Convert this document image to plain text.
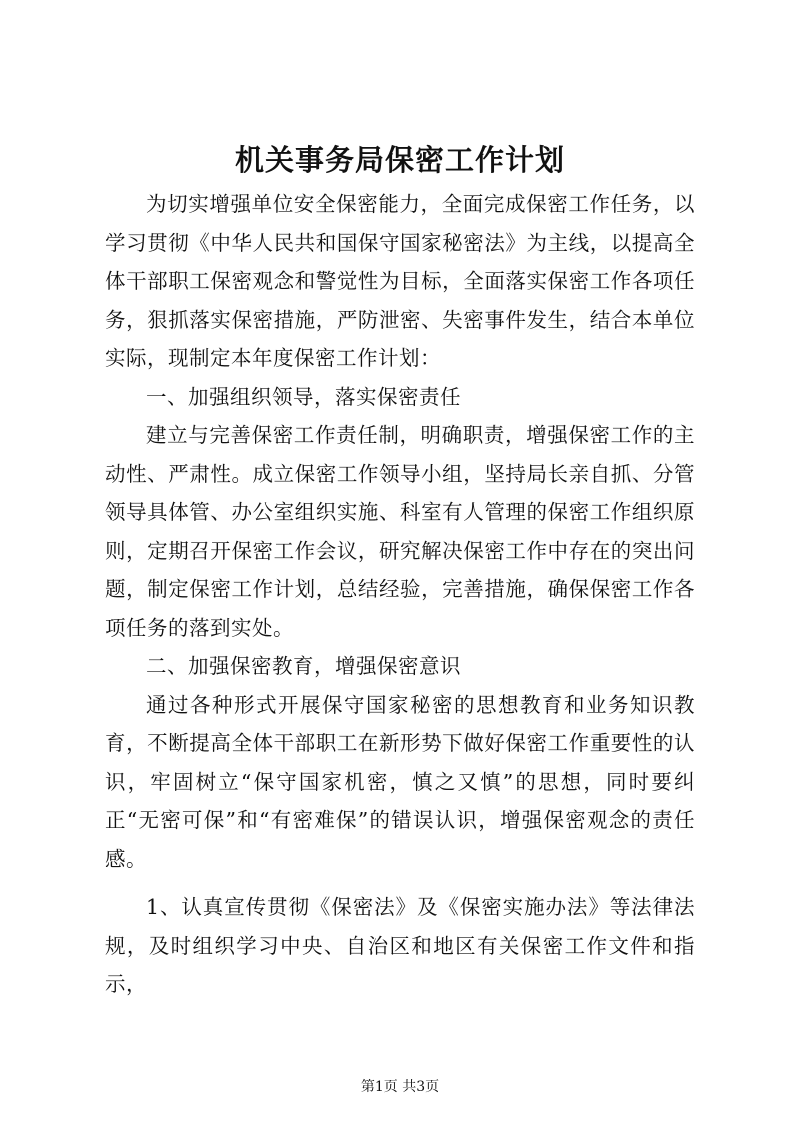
机关事务局保密工作计划

为切实增强单位安全保密能力，全面完成保密工作任务，以学习贯彻《中华人民共和国保守国家秘密法》为主线，以提高全体干部职工保密观念和警觉性为目标，全面落实保密工作各项任务，狠抓落实保密措施，严防泄密、失密事件发生，结合本单位实际，现制定本年度保密工作计划：

一、加强组织领导，落实保密责任

建立与完善保密工作责任制，明确职责，增强保密工作的主动性、严肃性。成立保密工作领导小组，坚持局长亲自抓、分管领导具体管、办公室组织实施、科室有人管理的保密工作组织原则，定期召开保密工作会议，研究解决保密工作中存在的突出问题，制定保密工作计划，总结经验，完善措施，确保保密工作各项任务的落到实处。

二、加强保密教育，增强保密意识

通过各种形式开展保守国家秘密的思想教育和业务知识教育，不断提高全体干部职工在新形势下做好保密工作重要性的认识，牢固树立“保守国家机密，慎之又慎”的思想，同时要纠正“无密可保”和“有密难保”的错误认识，增强保密观念的责任感。

1、认真宣传贯彻《保密法》及《保密实施办法》等法律法规，及时组织学习中央、自治区和地区有关保密工作文件和指示，

第1页 共3页
